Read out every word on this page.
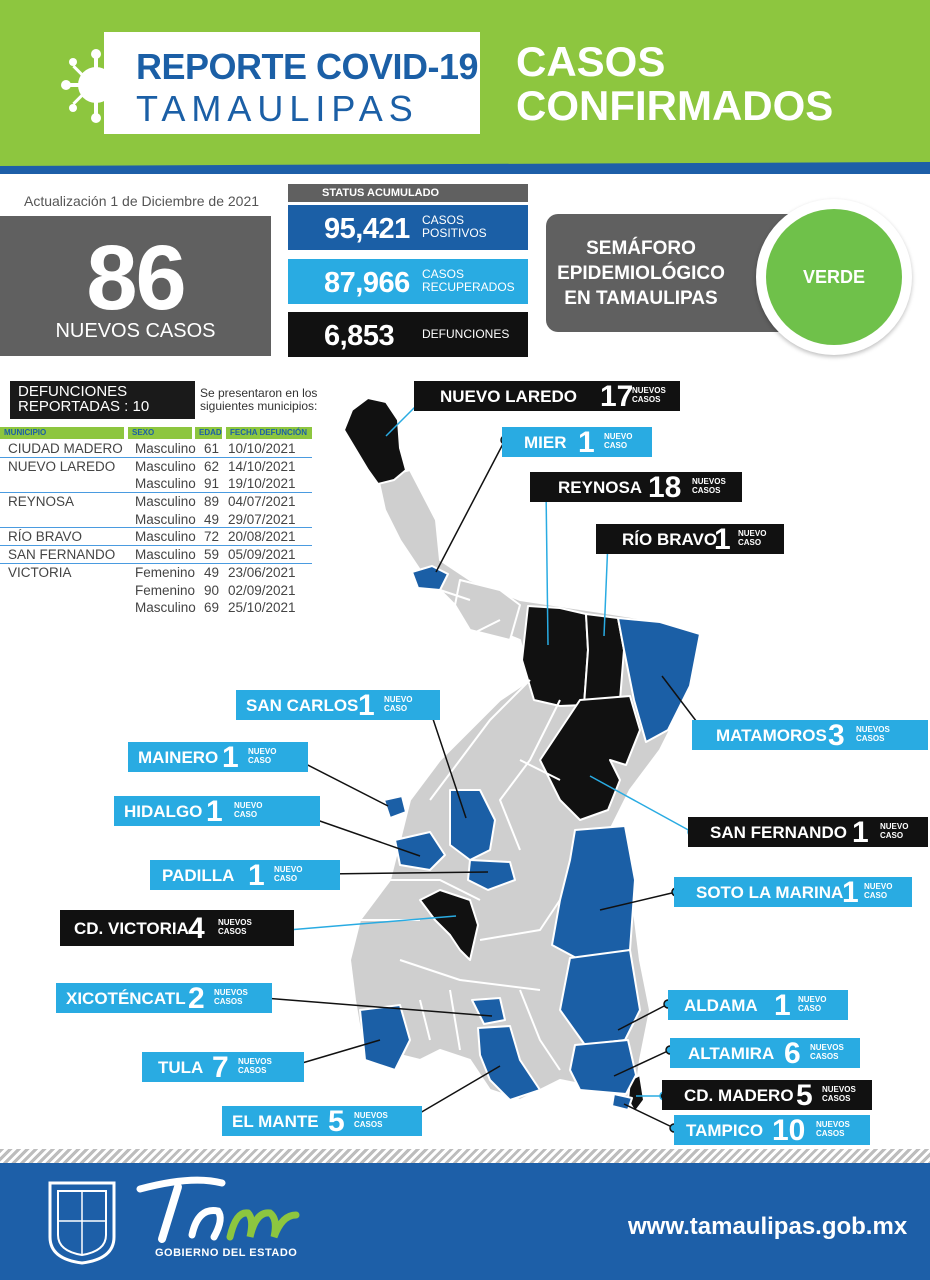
REPORTE COVID-19
TAMAULIPAS
CASOS
CONFIRMADOS
Actualización 1 de Diciembre de 2021
86
NUEVOS CASOS
STATUS ACUMULADO
95,421 CASOS POSITIVOS
87,966 CASOS RECUPERADOS
6,853 DEFUNCIONES
SEMÁFORO EPIDEMIOLÓGICO EN TAMAULIPAS
VERDE
DEFUNCIONES REPORTADAS : 10
Se presentaron en los siguientes municipios:
MUNICIPIO	SEXO	EDAD	FECHA DEFUNCIÓN
CIUDAD MADERO Masculino 61 10/10/2021
NUEVO LAREDO Masculino 62 14/10/2021
Masculino 91 19/10/2021
REYNOSA	Masculino 89 04/07/2021
Masculino 49 29/07/2021
RÍO BRAVO	Masculino 72 20/08/2021
SAN FERNANDO Masculino 59 05/09/2021
VICTORIA	Femenino 49 23/06/2021
Femenino 90 02/09/2021
Masculino 69 25/10/2021
NUEVO LAREDO 17
NUEVOS CASOS
MIER 1 NUEVO CASO
REYNOSA 18 NUEVOS CASOS
RÍO BRAVO
1 NUEVO CASO
SAN CARLOS 1 NUEVO CASO
MATAMOROS 3 NUEVOS CASOS
MAINERO 1 NUEVO CASO
HIDALGO 1 NUEVO CASO
SAN FERNANDO 1 NUEVO CASO
PADILLA 1 NUEVO CASO
SOTO LA MARINA
1 NUEVO CASO
CD. VICTORIA 4 NUEVOS CASOS
XICOTÉNCATL 2 NUEVOS CASOS	ALDAMA 1 NUEVO CASO
TULA 7 NUEVOS CASOS
ALTAMIRA 6 NUEVOS CASOS
CD. MADERO 5 NUEVOS CASOS
EL MANTE 5 NUEVOS CASOS	TAMPICO 10 NUEVOS CASOS
GOBIERNO DEL ESTADO
www.tamaulipas.gob.mx
